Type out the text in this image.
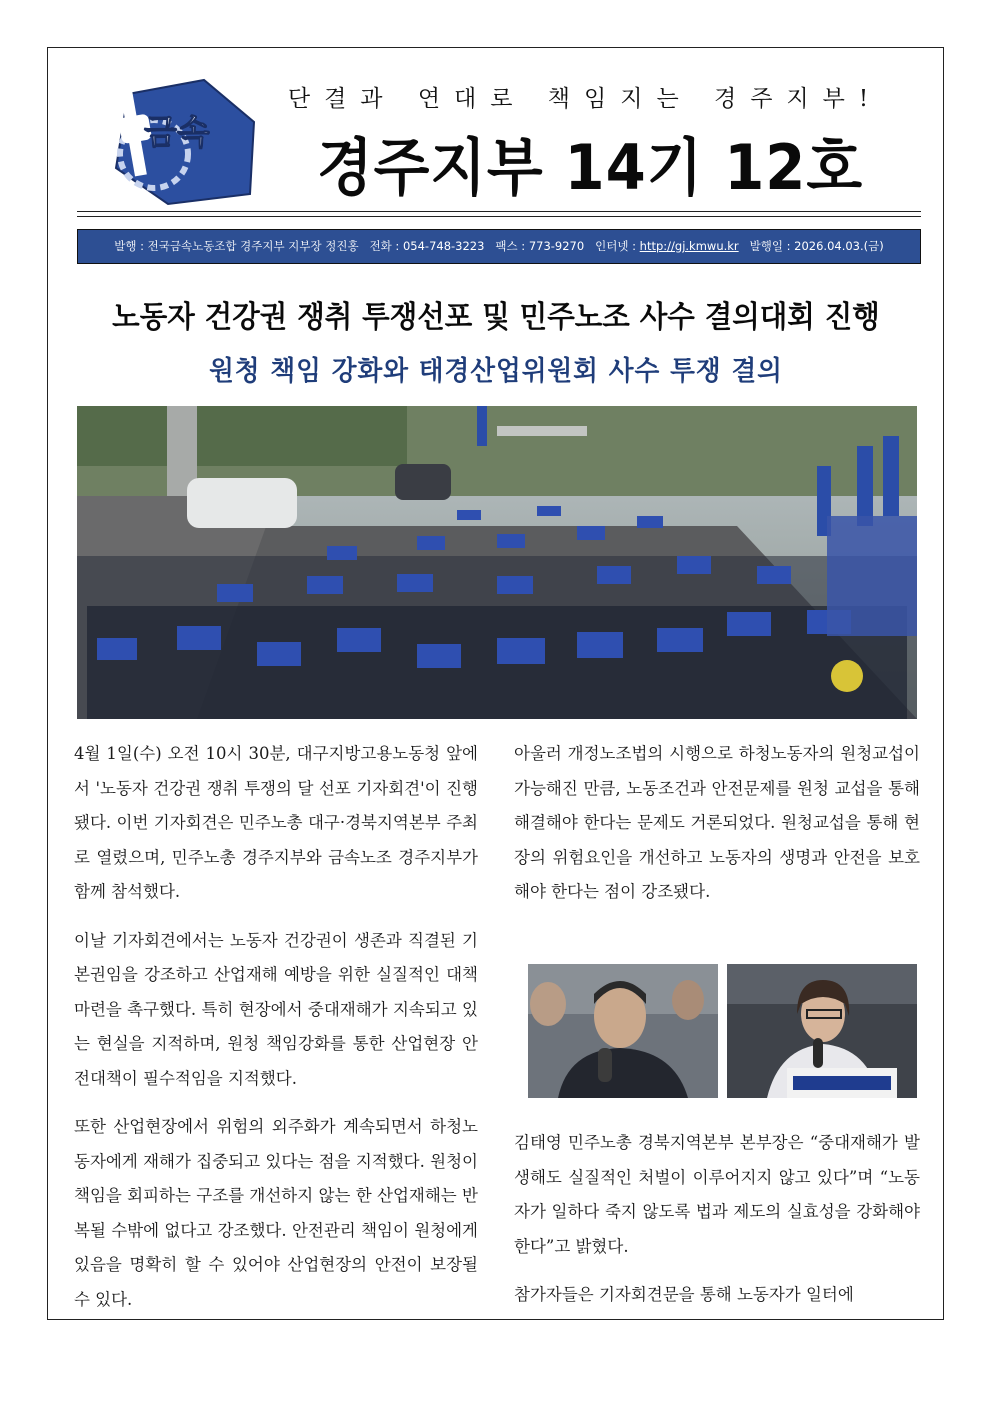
금속
단결과 연대로 책임지는 경주지부!
경주지부 14기 12호
발행 : 전국금속노동조합 경주지부 지부장 정진홍 전화 : 054-748-3223 팩스 : 773-9270 인터넷 : http://gj.kmwu.kr 발행일 : 2026.04.03.(금)
노동자 건강권 쟁취 투쟁선포 및 민주노조 사수 결의대회 진행
원청 책임 강화와 태경산업위원회 사수 투쟁 결의

4월 1일(수) 오전 10시 30분, 대구지방고용노동청 앞에서 '노동자 건강권 쟁취 투쟁의 달 선포 기자회견'이 진행됐다. 이번 기자회견은 민주노총 대구·경북지역본부 주최로 열렸으며, 민주노총 경주지부와 금속노조 경주지부가 함께 참석했다.

이날 기자회견에서는 노동자 건강권이 생존과 직결된 기본권임을 강조하고 산업재해 예방을 위한 실질적인 대책 마련을 촉구했다. 특히 현장에서 중대재해가 지속되고 있는 현실을 지적하며, 원청 책임강화를 통한 산업현장 안전대책이 필수적임을 지적했다.

또한 산업현장에서 위험의 외주화가 계속되면서 하청노동자에게 재해가 집중되고 있다는 점을 지적했다. 원청이 책임을 회피하는 구조를 개선하지 않는 한 산업재해는 반복될 수밖에 없다고 강조했다. 안전관리 책임이 원청에게 있음을 명확히 할 수 있어야 산업현장의 안전이 보장될 수 있다.

아울러 개정노조법의 시행으로 하청노동자의 원청교섭이 가능해진 만큼, 노동조건과 안전문제를 원청 교섭을 통해 해결해야 한다는 문제도 거론되었다. 원청교섭을 통해 현장의 위험요인을 개선하고 노동자의 생명과 안전을 보호해야 한다는 점이 강조됐다.

김태영 민주노총 경북지역본부 본부장은 “중대재해가 발생해도 실질적인 처벌이 이루어지지 않고 있다”며 “노동자가 일하다 죽지 않도록 법과 제도의 실효성을 강화해야 한다”고 밝혔다.

참가자들은 기자회견문을 통해 노동자가 일터에
